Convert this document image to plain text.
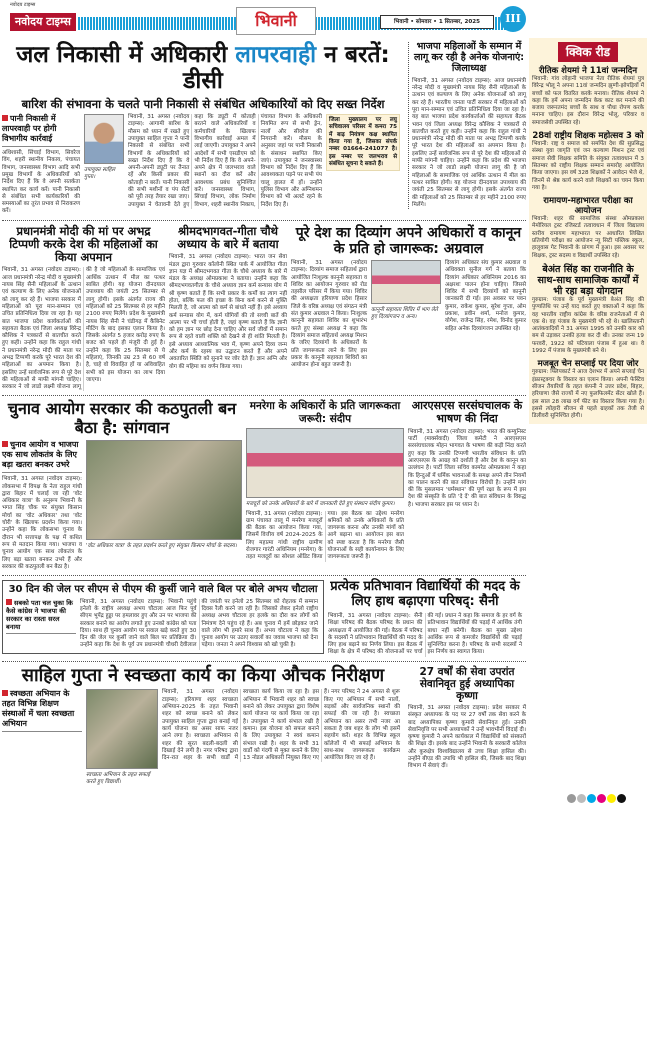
नवोदय टाइम्स
नवोदय टाइम्स	भिवानी	भिवानी • सोमवार • 1 सितम्बर, 2025	III
जल निकासी में अधिकारी लापरवाही न बरतें: डीसी
बारिश की संभावना के चलते पानी निकासी से संबंधित अधिकारियों को दिए सख्त निर्देश
पानी निकासी में लापरवाही पर होगी विभागीय कार्रवाई
अधिशासी, सिंचाई विभाग, सिवरेज विंग, शहरी स्थानीय निकाय, पंचायत विभाग, जनस्वास्थ्य विभाग आदि सभी प्रमुख विभागों के अधिकारियों को निर्देश दिए हैं कि वे अपनी सतर्कता स्थापित कर कार्य करें। पानी निकासी से संबंधित सभी कार्यकारियों की समस्याओं का तुरंत प्रभाव से निराकरण करें।
उपायुक्त साहिल गुप्ता।
भिवानी, 31 अगस्त (नवोदय टाइम्स): आगामी बारिश के मौसम को ध्यान में रखते हुए उपायुक्त साहिल गुप्ता ने पानी निकासी से संबंधित सभी विभागों के अधिकारियों को सख्त निर्देश दिए हैं कि वे अपनी-अपनी ड्यूटी पर तैनात रहें और किसी प्रकार की कोताही न बरतें। पानी निकासी की सभी मशीनों व पंप सेटों को पूरी तरह तैयार रखा जाए। उपायुक्त ने चेतावनी देते हुए कहा कि ड्यूटी में कोताही बरतने वाले अधिकारियों व कर्मचारियों के खिलाफ विभागीय कार्रवाई अमल में लाई जाएगी। उपायुक्त ने अपने आदेशों में सभी एसडीएम को भी निर्देश दिए हैं कि वे अपने-अपने क्षेत्र में जलभराव वाले स्थानों का दौरा करें और आवश्यक प्रबंध सुनिश्चित करें। जनस्वास्थ्य विभाग, सिंचाई विभाग, लोक निर्माण विभाग, शहरी स्थानीय निकाय, पंचायत विभाग के अधिकारी नियमित रूप से सभी ड्रेन, नालों और सीवरेज की निगरानी करें। मौसम के अनुसार जहां पर पानी निकासी के संसाधन स्थापित किए जाएं। उपायुक्त ने जनस्वास्थ्य विभाग को निर्देश दिए हैं कि आवश्यकता पड़ने पर सभी पंप चालू हालत में हों। उन्होंने पुलिस विभाग और अग्निशमन विभाग को भी अलर्ट रहने के निर्देश दिए हैं।
जिला मुख्यालय पर लघु सचिवालय परिसर में कमरा 75 में बाढ़ नियंत्रण कक्ष स्थापित किया गया है, जिसका संपर्क नम्बर 01664-241077 है। इस नम्बर पर जलभराव से संबंधित सूचना दे सकते हैं।
भाजपा महिलाओं के सम्मान में लागू कर रही है अनेक योजनाएं: जिलाध्यक्ष
भिवानी, 31 अगस्त (नवोदय टाइम्स): आज प्रधानमंत्री नरेन्द्र मोदी व मुख्यमंत्री नायब सिंह सैनी महिलाओं के उत्थान एवं कल्याण के लिए अनेक योजनाओं को लागू कर रहे हैं। भारतीय जनता पार्टी सरकार में महिलाओं को पूरा मान-सम्मान एवं उचित प्रतिनिधित्व दिया जा रहा है। यह बात भाजपा प्रदेश कार्यकर्ताओं की सहायता बैठक भवन एवं जिला अध्यक्ष विरेन्द्र कौशिक ने पत्रकारों से बातचीत करते हुए कही। उन्होंने कहा कि राहुल गांधी ने प्रधानमंत्री नरेन्द्र मोदी की माता पर अभद्र टिप्पणी करके पूरे भारत देश की महिलाओं का अपमान किया है। इसलिए उन्हें सार्वजनिक रूप से पूरे देश की महिलाओं से माफी मांगनी चाहिए। उन्होंने कहा कि प्रदेश की भाजपा सरकार ने जो लाडो लक्ष्मी योजना लागू की है जो महिलाओं के सामाजिक एवं आर्थिक उत्थान में मील का पत्थर साबित होगी। यह योजना दीनदयाल उपाध्याय की जयंती 25 सितम्बर से लागू होगी। इसके अंतर्गत राज्य की महिलाओं को 25 सितम्बर से हर महीने 2100 रुपए मिलेंगे।
प्रधानमंत्री मोदी की मां पर अभद्र टिप्पणी करके देश की महिलाओं का किया अपमान
भिवानी, 31 अगस्त (नवोदय टाइम्स): आज प्रधानमंत्री नरेन्द्र मोदी व मुख्यमंत्री नायब सिंह सैनी महिलाओं के उत्थान एवं कल्याण के लिए अनेक योजनाओं को लागू कर रहे हैं। भाजपा सरकार में महिलाओं को पूरा मान-सम्मान एवं उचित प्रतिनिधित्व दिया जा रहा है। यह बात भाजपा प्रदेश कार्यकर्ताओं की सहायता बैठक एवं जिला अध्यक्ष विरेन्द्र कौशिक ने पत्रकारों से बातचीत करते हुए कही। उन्होंने कहा कि राहुल गांधी ने प्रधानमंत्री नरेन्द्र मोदी की माता पर अभद्र टिप्पणी करके पूरे भारत देश की महिलाओं का अपमान किया है। इसलिए उन्हें सार्वजनिक रूप से पूरे देश की महिलाओं से माफी मांगनी चाहिए। सरकार ने जो लाडो लक्ष्मी योजना लागू की है जो महिलाओं के सामाजिक एवं आर्थिक उत्थान में मील का पत्थर साबित होगी। यह योजना दीनदयाल उपाध्याय की जयंती 25 सितम्बर से लागू होगी। इसके अंतर्गत राज्य की महिलाओं को 25 सितम्बर से हर महीने 2100 रुपए मिलेंगे। प्रदेश के मुख्यमंत्री नायब सिंह सैनी ने चंडीगढ़ में कैबिनेट मीटिंग के बाद इसका एलान किया है। जिसके अंतर्गत 5 हजार करोड़ रुपए के बजट को पहले ही मंजूरी दी हुई है। उन्होंने कहा कि 25 सितम्बर से ये महिलाएं, जिनकी उम्र 23 से 60 वर्ष है, चाहे वो विवाहित हों या अविवाहित सभी को इस योजना का लाभ दिया जाएगा।
श्रीमदभागवत-गीता चौथे अध्याय के बारे में बताया
भिवानी, 31 अगस्त (नवोदय टाइम्स): भारत जन सेवा मंडल द्वारा गुरुवार कॉलोनी स्थित पार्क में आयोजित गीता ज्ञान यज्ञ में श्रीमदभगवत गीता के चौथे अध्याय के बारे में मंडल के अध्यक्ष ओमप्रकाश ने बताया। उन्होंने कहा कि श्रीमदभगवतगीता के चौथे अध्याय ज्ञान कर्म सन्यास योग में श्री कृष्ण बताते हैं कि सभी प्रकार के कर्मों का त्याग नहीं होता, बल्कि फल की इच्छा के बिना कर्म करने से मुक्ति मिलती है, जो आत्मा को कर्म से बांधते नहीं हैं। इसे अध्याय कर्म सन्यास योग में, कर्म योगियों की तो सच्ची बातें की आत्मा पर भी चर्चा होती है, जहां कृष्ण बताते हैं कि ज्ञानी को हम ज्ञान पर छोड़ देना चाहिए और सर्व जीवों में समान रूप से रहते वाली शक्ति को देखने से ही शांति मिलती है। इसे अध्याय आध्यात्मिक भाव में, कृष्ण अपने दिव्य जन्म और कर्म के रहस्य का उद्घाटन करते हैं और अपने अवतारित स्थिति को सुनाने पर जोर देते हैं। ज्ञान अग्नि और योग की महिमा का वर्णन किया गया।
पूरे देश का दिव्यांग अपने अधिकारों व कानून के प्रति हो जागरूक: अग्रवाल
भिवानी, 31 अगस्त (नवोदय टाइम्स): दिव्यांग समाज सहितार्थ द्वारा आयोजित निःशुल्क कानूनी सहायता व शिविर का आयोजन गुरुवार को रोड तहसील परिसर में किया गया। शिविर की अध्यक्षता हरियाणा प्रदेश हिसार जिले के वरिष्ठ अध्यक्ष एवं संगठन मंत्री संत कुमार अग्रवाल ने किया। निःशुल्क कानूनी सहायता शिविर का शुभारंभ करते हुए संस्था अध्यक्ष ने कहा कि दिव्यांग समाज सहितार्थ अध्यक्ष मिशन के जरिए दिव्यांगों के अधिकारों के प्रति जागरूकता लाने के लिए इस प्रकार के कानूनी सहायता शिविरों का आयोजन होना बहुत जरूरी है।
कानूनी सहायता शिविर में भाग लेते हुए दिव्यांगजन व अन्य।
दिव्यांग अधिकार संघ कुमार अग्रवाल व अधिवक्ता सुनील गर्ग ने बताया कि दिव्यांग अधिकार अधिनियम 2016 का अक्षरशः पालन होना चाहिए। जिससे शिविर में सभी दिव्यांगों को कानूनी जानकारी दी गई। इस अवसर पर पवन कुमार, राकेश कुमार, सुरेश गुप्ता, ओम प्रकाश, प्रवीन शर्मा, मनोज कुमार, योगेश, राजेन्द्र सिंह, रमेश, विनोद कुमार सहित अनेक दिव्यांगजन उपस्थित रहे।
चुनाव आयोग सरकार की कठपुतली बन बैठा है: सांगवान
चुनाव आयोग व भाजपा एक साथ लोकतंत्र के लिए बड़ा खतरा बनकर उभरे
भिवानी, 31 अगस्त (नवोदय टाइम्स): लोकसभा में विपक्ष के नेता राहुल गांधी द्वारा बिहार में चलाई जा रही 'वोट अधिकार यात्रा' के अनुरूप भिवानी के भगत सिंह चौक पर संयुक्त किसान मोर्चा का 'वोट अधिकार' तथा 'वोट चोरी' के खिलाफ प्रदर्शन किया गया। उन्होंने कहा कि लोकसभा चुनाव के दौरान भी सत्तापक्ष के पक्ष में कथित रूप से मतदान किया गया। भाजपा व चुनाव आयोग एक साथ लोकतंत्र के लिए बड़ा खतरा बनकर उभरे हैं और सरकार की कठपुतली बन बैठा है।
'वोट अधिकार यात्रा' के तहत प्रदर्शन करते हुए संयुक्त किसान मोर्चा के सदस्य।
मनरेगा के अधिकारों के प्रति जागरूकता जरूरी: संदीप
मजदूरों को उनके अधिकारों के बारे में जानकारी देते हुए संस्थान संदीप कुमार।
भिवानी, 31 अगस्त (नवोदय टाइम्स): ग्राम पंचायत तालू में मनरेगा मजदूरों की बैठक का आयोजन किया गया, जिसमें वित्तीय वर्ष 2024-2025 के लिए महात्मा गांधी राष्ट्रीय ग्रामीण रोजगार गारंटी अधिनियम (मनरेगा) के तहत मजदूरों का सोशल ऑडिट किया गया। इस बैठक का उद्देश्य मनरेगा श्रमिकों को उनके अधिकारों के प्रति जागरूक करना और उनकी मांगों को आगे बढ़ाना था। आयोजन इस बात को स्पष्ट करता है कि मनरेगा जैसी योजनाओं के सही कार्यान्वयन के लिए जागरूकता जरूरी है।
आरएसएस सरसंघचालक के भाषण की निंदा
भिवानी, 31 अगस्त (नवोदय टाइम्स): भारत की कम्युनिस्ट पार्टी (मार्क्सवादी) जिला कमेटी ने आरएसएस सरसंघचालक मोहन भागवत के भाषण की कड़ी निंदा करते हुए कहा कि उनकी टिप्पणी भारतीय संविधान के प्रति आरएसएस के आग्रह को दर्शाती है और देश के कानून का उल्लंघन है। पार्टी जिला सचिव कामरेड ओमप्रकाश ने कहा कि हिन्दुओं में धर्मिक भावनाओं के समक्ष अपने तीन नियमों का पालन करने की बात संविधान विरोधी है। उन्होंने मांग की कि मुसलमान 'धर्मस्थान' की पूर्ण रक्षा के रूप में इस देश की संस्कृति के प्रति 'दे दें' की बात संविधान के विरुद्ध है। भाजपा सरकार इस पर ध्यान दे।
30 दिन की जेल पर सीएम से पीएम की कुर्सी जाने वाले बिल पर बोले अभय चौटाला
सबको पता चल चुका कि कैसे कांग्रेस ने भाजपा की सरकार का रास्ता सरल बनाया
भिवानी, 31 अगस्त (नवोदय टाइम्स): भिवानी पहुंचे इनेलो के राष्ट्रीय अध्यक्ष अभय चौटाला आज फिर पूर्व सीएम भूपेंद्र हुड्डा पर हमलावर हुए और उन पर भाजपा की सरकार बनाने का आरोप लगाते हुए उनको कांग्रेस को पता दिया। साथ ही चुनाव आयोग पर सवाल खड़े करते हुए 30 दिन की जेल पर कुर्सी जाने वाले बिल पर प्रतिक्रिया दी। उन्होंने कहा कि देश के पूर्व उप प्रधानमंत्री चौधरी देवीलाल की जयंती पर इनेलो 25 सितम्बर को रोहतक में सम्मान दिवस रैली करने जा रही है। जिसको लेकर इनेलो राष्ट्रीय अध्यक्ष अभय चौटाला हर हलके का दौरा कर लोगों को निमंत्रण देने पहुंच रहे हैं। अब चुनाव में हमें छोड़कर जाने वाले लोग भी हमारे साथ हैं। अभय चौटाला ने कहा कि चुनाव आयोग पर उठाए सवालों का जवाब भाजपा को देना पड़ेगा। जनता ने अपने विश्वास को खो चुकी है।
प्रत्येक प्रतिभावान विद्यार्थियों की मदद के लिए हाथ बढ़ाएगा परिषद्: सैनी
भिवानी, 31 अगस्त (नवोदय टाइम्स): सैनी शिक्षा परिषद की बैठक परिषद के प्रधान की अध्यक्षता में आयोजित की गई। बैठक में परिषद के सदस्यों ने प्रतिभावान विद्यार्थियों की मदद के लिए हाथ बढ़ाने का निर्णय लिया। इस बैठक में शिक्षा के क्षेत्र में परिषद की योजनाओं पर चर्चा की गई। प्रधान ने कहा कि समाज के हर वर्ग के प्रतिभावान विद्यार्थियों की पढ़ाई में आर्थिक तंगी बाधा नहीं बनेगी। बैठक का मुख्य उद्देश्य आर्थिक रूप से कमजोर विद्यार्थियों की पढ़ाई सुनिश्चित करना है। परिषद के सभी सदस्यों ने इस निर्णय का स्वागत किया।
साहिल गुप्ता ने स्वच्छता कार्य का किया औचक निरीक्षण
स्वच्छता अभियान के तहत विभिन्न शिक्षण संस्थाओं में चला स्वच्छता अभियान
स्वच्छता अभियान के तहत सफाई करते हुए विद्यार्थी।
भिवानी, 31 अगस्त (नवोदय टाइम्स): हरियाणा शहर स्वच्छता अभियान-2025 के तहत भिवानी शहर को स्वच्छ बनाने को लेकर उपायुक्त साहिल गुप्ता द्वारा बनाई गई कार्य योजना का असर साफ नजर आने लगा है। स्वच्छता अभियान से शहर की सूरत बदली-बदली सी दिखाई देने लगी है। नगर परिषद द्वारा दिन-रात शहर के सभी वार्डों में स्वच्छता कार्य किया जा रहा है। इस अभियान में भिवानी शहर को स्वच्छ बनाने को लेकर उपायुक्त द्वारा विशेष कार्य योजना पर कार्य किया जा रहा है। उपायुक्त ने कार्य संभाल रखी है कमान। इस योजना को सफल बनाने के लिए उपायुक्त ने स्वयं कमान संभाल रखी है। शहर के सभी 31 वार्डों को गंदगी से मुक्त बनाने के लिए 13 नोडल अधिकारी नियुक्त किए गए हैं। नगर परिषद ने 24 अगस्त से शुरू किए गए अभियान में सभी नालों, सड़कों और सार्वजनिक स्थानों की सफाई की जा रही है। स्वच्छता अभियान का असर तभी नजर आ सकता है जब शहर के लोग भी इसमें सहयोग करें। शहर के विभिन्न स्कूल कॉलेजों में भी सफाई अभियान के साथ-साथ जागरूकता कार्यक्रम आयोजित किए जा रहे हैं।
27 वर्षों की सेवा उपरांत सेवानिवृत हुई अध्यापिका कृष्णा
भिवानी, 31 अगस्त (नवोदय टाइम्स): प्रदेश सरकार में संस्कृत अध्यापक के पद पर 27 वर्षों तक सेवा करने के बाद अध्यापिका कृष्णा कुमारी सेवानिवृत हुई। उनकी सेवानिवृत्ति पर सभी अध्यापकों ने उन्हें भावभीनी विदाई दी। कृष्णा कुमारी ने अपने कार्यकाल में विद्यार्थियों को संस्कारों की शिक्षा दी। इसके बाद उन्होंने भिवानी के सरकारी कॉलेज और कुरुक्षेत्र विश्वविद्यालय से उच्च शिक्षा हासिल की। उन्होंने बीएड की उपाधि भी हासिल की, जिसके बाद शिक्षा विभाग में सेवाएं दीं।
क्विक रीड
रीतिक शेयमां ने 11वां जन्मदिन
भिवानी: गांव लोहानी भाजपा नेता रीतिक शेयमां पुत्र विरेन्द्र भोलू ने अपना 11वां जन्मदिन झुग्गी-झोपड़ियों में बच्चों को फल वितरित करके मनाया। रीतिक शेयमां ने कहा कि हमें अपना जन्मदिन केक काट कर मनाने की बजाय जरूरतमंद बच्चों के साथ व पौधा रोपण करके मनाना चाहिए। इस दौरान विरेन्द्र भोलू, परिवार व समाजसेवी उपस्थित रहे।
28वां राष्ट्रीय शिक्षक महोत्सव 3 को
भिवानी: राष्ट्र व समाज को समर्पित देश की सुप्रसिद्ध संस्था युवा जागृति एवं जन कल्याण मिशन ट्रस्ट एवं समाज सेवी शिक्षक समिति के संयुक्त तत्वावधान में 3 सितम्बर को राष्ट्रीय शिक्षक सम्मान समारोह आयोजित किया जाएगा। इस वर्ष 328 शिक्षकों ने आवेदन भेजे थे, जिनमें से श्रेष्ठ कार्य करने वाले शिक्षकों का चयन किया गया है।
रामायण-महाभारत परीक्षा का आयोजन
भिवानी: शहर की सामाजिक संस्था ओमप्रकाश मेमोरियल ट्रस्ट रजिस्टर्ड तत्वावधान में जिला विद्यालय स्तरीय रामायण महाभारत पर आधारित लिखित प्रतियोगी परीक्षा का आयोजन न्यू सिटी पब्लिक स्कूल, हालुवास गेट भिवानी के प्रांगण में हुआ। इस अवसर पर शिक्षक, ट्रस्ट सदस्य व विद्यार्थी उपस्थित रहे।
बेअंत सिंह का राजनीति के साथ-साथ सामाजिक कार्यों में भी रहा बड़ा योगदान
गुरुग्राम: पंजाब के पूर्व मुख्यमंत्री बेअंत सिंह की पुण्यतिथि पर उन्हें याद करते हुए वक्ताओं ने कहा कि वह भारतीय राष्ट्रीय कांग्रेस के वरिष्ठ राजनेताओं में से एक थे। वह पंजाब के मुख्यमंत्री भी रहे थे। खालिस्तानी आतंकवादियों ने 31 अगस्त 1995 को उनकी कार को बम से उड़ाकर उनकी हत्या कर दी थी। उनका जन्म 19 फरवरी, 1922 को पटियाला पंजाब में हुआ था। वे 1992 में पंजाब के मुख्यमंत्री बने थे।
मजबूत चेन सप्लाई पर दिया जोर
गुरुग्राम: फ्लिपकार्ट ने आज देशभर में अपने सप्लाई चेन इंफ्रास्ट्रक्चर के विस्तार का एलान किया। अपनी फेस्टिव सीजन तैयारियों के तहत कंपनी ने उत्तर प्रदेश, बिहार, हरियाणा जैसे राज्यों में नए फुलफिलमेंट सेंटर खोले हैं। इस साल 28 लाख वर्ग फीट का विस्तार किया गया है। इससे त्योहारी सीजन से पहले ग्राहकों तक तेजी से डिलीवरी सुनिश्चित होगी।
